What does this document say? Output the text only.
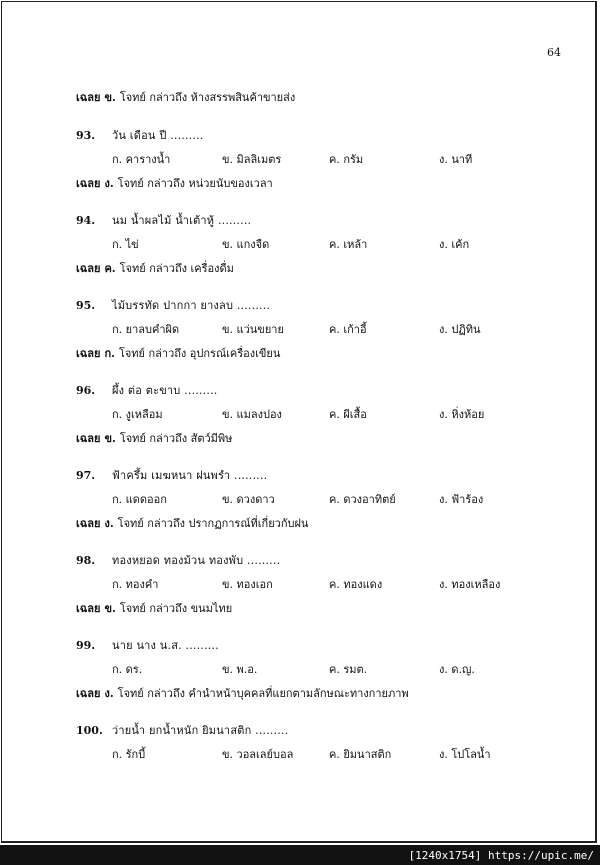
64
เฉลย ข. โจทย์ กล่าวถึง ห้างสรรพสินค้าขายส่ง
93.	วัน เดือน ปี .........
ก. คารางน้ำ	ข. มิลลิเมตร	ค. กรัม	ง. นาที
เฉลย ง. โจทย์ กล่าวถึง หน่วยนับของเวลา
94.	นม น้ำผลไม้ น้ำเต้าหู้ .........
ก. ไข่	ข. แกงจืด	ค. เหล้า	ง. เค้ก
เฉลย ค. โจทย์ กล่าวถึง เครื่องดื่ม
95.	ไม้บรรทัด ปากกา ยางลบ .........
ก. ยาลบคำผิด	ข. แว่นขยาย	ค. เก้าอี้	ง. ปฏิทิน
เฉลย ก. โจทย์ กล่าวถึง อุปกรณ์เครื่องเขียน
96.	ผึ้ง ต่อ ตะขาบ .........
ก. งูเหลือม	ข. แมลงปอง	ค. ผีเสื้อ	ง. หิ่งห้อย
เฉลย ข. โจทย์ กล่าวถึง สัตว์มีพิษ
97.	ฟ้าครึ้ม เมฆหนา ฝนพรำ .........
ก. แดดออก	ข. ดวงดาว	ค. ดวงอาทิตย์	ง. ฟ้าร้อง
เฉลย ง. โจทย์ กล่าวถึง ปรากฏการณ์ที่เกี่ยวกับฝน
98.	ทองหยอด ทองม้วน ทองพับ .........
ก. ทองคำ	ข. ทองเอก	ค. ทองแดง	ง. ทองเหลือง
เฉลย ข. โจทย์ กล่าวถึง ขนมไทย
99.	นาย นาง น.ส. .........
ก. ดร.	ข. พ.อ.	ค. รมต.	ง. ด.ญ.
เฉลย ง. โจทย์ กล่าวถึง คำนำหน้าบุคคลที่แยกตามลักษณะทางกายภาพ
100. ว่ายน้ำ ยกน้ำหนัก ยิมนาสติก .........
ก. รักบี้	ข. วอลเลย์บอล	ค. ยิมนาสติก	ง. โปโลน้ำ
[1240x1754] https://upic.me/
